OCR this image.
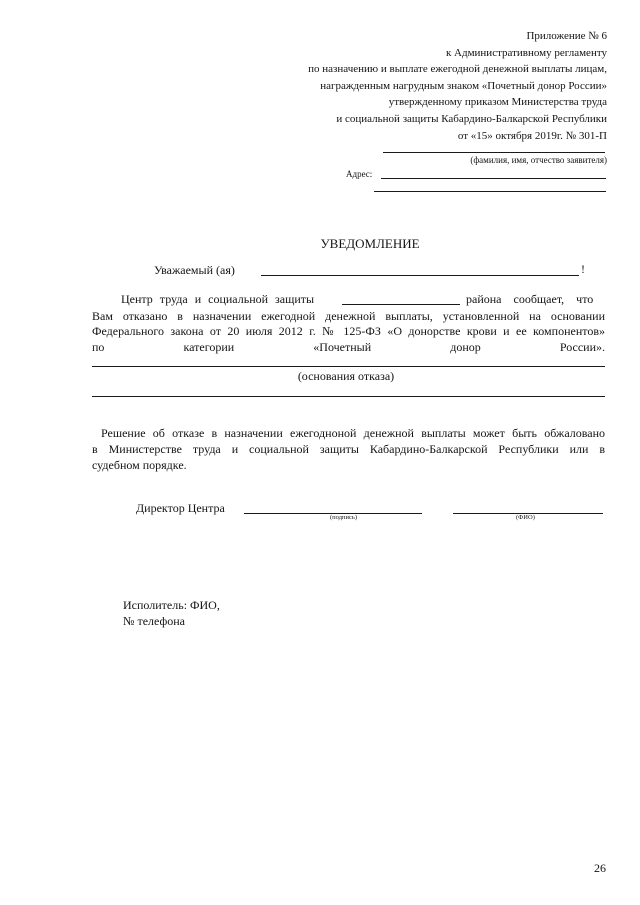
Приложение № 6
к Административному регламенту
по назначению и выплате ежегодной денежной выплаты лицам,
награжденным нагрудным знаком «Почетный донор России»
утвержденному приказом Министерства труда
и социальной защиты Кабардино-Балкарской Республики
от «15» октября 2019г. № 301-П
(фамилия, имя, отчество заявителя)
Адрес:
УВЕДОМЛЕНИЕ
Уважаемый (ая)	!
Центр труда и социальной защиты	района сообщает, что
Вам отказано в назначении ежегодной денежной выплаты, установленной на основании
Федерального закона от 20 июля 2012 г. № 125-ФЗ «О донорстве крови и ее компонентов»
по категории «Почетный донор России».
(основания отказа)
Решение об отказе в назначении ежегодноной денежной выплаты может быть обжаловано
в Министерстве труда и социальной защиты Кабардино-Балкарской Республики или в
судебном порядке.
Директор Центра
(подпись)	(ФИО)
Исполитель: ФИО,
№ телефона
26
